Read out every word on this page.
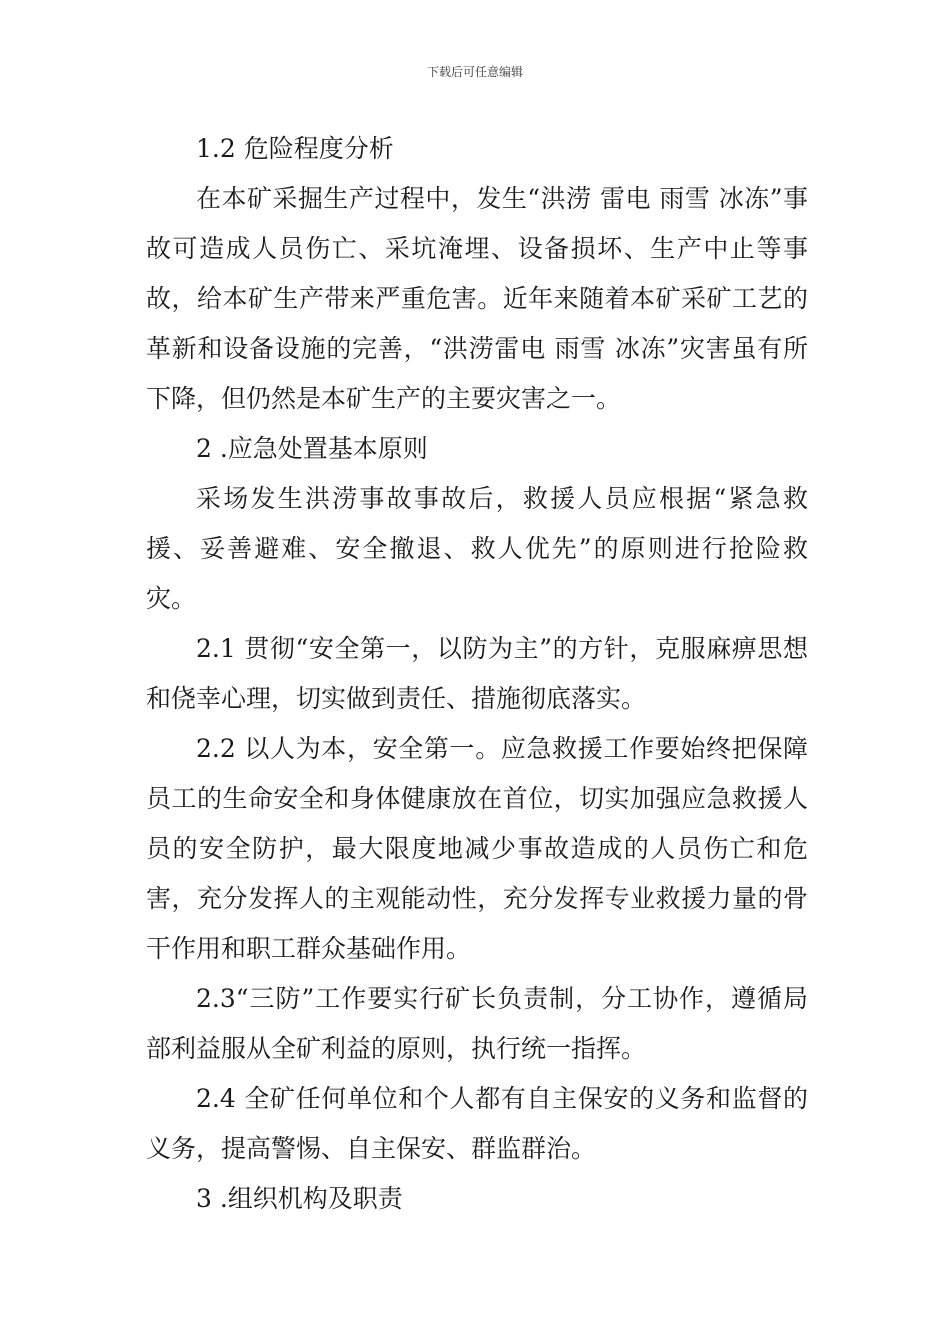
下载后可任意编辑

1.2 危险程度分析

在本矿采掘生产过程中，发生“洪涝 雷电 雨雪 冰冻”事故可造成人员伤亡、采坑淹埋、设备损坏、生产中止等事故，给本矿生产带来严重危害。近年来随着本矿采矿工艺的革新和设备设施的完善，“洪涝雷电 雨雪 冰冻”灾害虽有所下降，但仍然是本矿生产的主要灾害之一。

2 .应急处置基本原则

采场发生洪涝事故事故后，救援人员应根据“紧急救援、妥善避难、安全撤退、救人优先”的原则进行抢险救灾。

2.1 贯彻“安全第一，以防为主”的方针，克服麻痹思想和侥幸心理，切实做到责任、措施彻底落实。

2.2 以人为本，安全第一。应急救援工作要始终把保障员工的生命安全和身体健康放在首位，切实加强应急救援人员的安全防护，最大限度地减少事故造成的人员伤亡和危害，充分发挥人的主观能动性，充分发挥专业救援力量的骨干作用和职工群众基础作用。

2.3“三防”工作要实行矿长负责制，分工协作，遵循局部利益服从全矿利益的原则，执行统一指挥。

2.4 全矿任何单位和个人都有自主保安的义务和监督的义务，提高警惕、自主保安、群监群治。

3 .组织机构及职责
